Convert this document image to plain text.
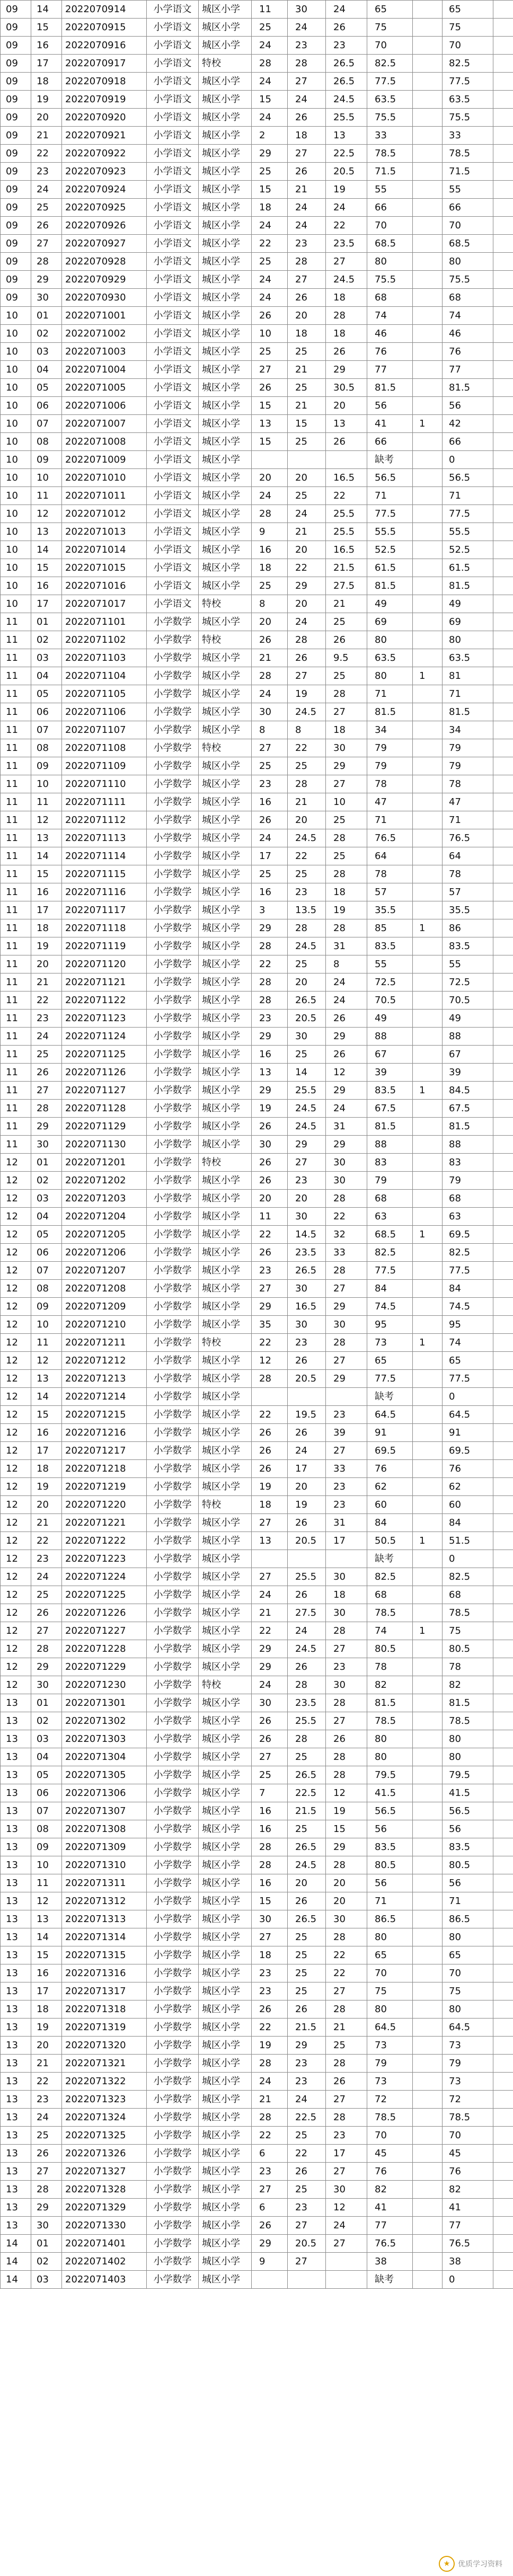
09	14	2022070914	小学语文	城区小学	11	30	24	65		65	
09	15	2022070915	小学语文	城区小学	25	24	26	75		75	
09	16	2022070916	小学语文	城区小学	24	23	23	70		70	
09	17	2022070917	小学语文	特校	28	28	26.5	82.5		82.5	
09	18	2022070918	小学语文	城区小学	24	27	26.5	77.5		77.5	
09	19	2022070919	小学语文	城区小学	15	24	24.5	63.5		63.5	
09	20	2022070920	小学语文	城区小学	24	26	25.5	75.5		75.5	
09	21	2022070921	小学语文	城区小学	2	18	13	33		33	
09	22	2022070922	小学语文	城区小学	29	27	22.5	78.5		78.5	
09	23	2022070923	小学语文	城区小学	25	26	20.5	71.5		71.5	
09	24	2022070924	小学语文	城区小学	15	21	19	55		55	
09	25	2022070925	小学语文	城区小学	18	24	24	66		66	
09	26	2022070926	小学语文	城区小学	24	24	22	70		70	
09	27	2022070927	小学语文	城区小学	22	23	23.5	68.5		68.5	
09	28	2022070928	小学语文	城区小学	25	28	27	80		80	
09	29	2022070929	小学语文	城区小学	24	27	24.5	75.5		75.5	
09	30	2022070930	小学语文	城区小学	24	26	18	68		68	
10	01	2022071001	小学语文	城区小学	26	20	28	74		74	
10	02	2022071002	小学语文	城区小学	10	18	18	46		46	
10	03	2022071003	小学语文	城区小学	25	25	26	76		76	
10	04	2022071004	小学语文	城区小学	27	21	29	77		77	
10	05	2022071005	小学语文	城区小学	26	25	30.5	81.5		81.5	
10	06	2022071006	小学语文	城区小学	15	21	20	56		56	
10	07	2022071007	小学语文	城区小学	13	15	13	41	1	42	
10	08	2022071008	小学语文	城区小学	15	25	26	66		66	
10	09	2022071009	小学语文	城区小学				缺考		0	
10	10	2022071010	小学语文	城区小学	20	20	16.5	56.5		56.5	
10	11	2022071011	小学语文	城区小学	24	25	22	71		71	
10	12	2022071012	小学语文	城区小学	28	24	25.5	77.5		77.5	
10	13	2022071013	小学语文	城区小学	9	21	25.5	55.5		55.5	
10	14	2022071014	小学语文	城区小学	16	20	16.5	52.5		52.5	
10	15	2022071015	小学语文	城区小学	18	22	21.5	61.5		61.5	
10	16	2022071016	小学语文	城区小学	25	29	27.5	81.5		81.5	
10	17	2022071017	小学语文	特校	8	20	21	49		49	
11	01	2022071101	小学数学	城区小学	20	24	25	69		69	
11	02	2022071102	小学数学	特校	26	28	26	80		80	
11	03	2022071103	小学数学	城区小学	21	26	9.5	63.5		63.5	
11	04	2022071104	小学数学	城区小学	28	27	25	80	1	81	
11	05	2022071105	小学数学	城区小学	24	19	28	71		71	
11	06	2022071106	小学数学	城区小学	30	24.5	27	81.5		81.5	
11	07	2022071107	小学数学	城区小学	8	8	18	34		34	
11	08	2022071108	小学数学	特校	27	22	30	79		79	
11	09	2022071109	小学数学	城区小学	25	25	29	79		79	
11	10	2022071110	小学数学	城区小学	23	28	27	78		78	
11	11	2022071111	小学数学	城区小学	16	21	10	47		47	
11	12	2022071112	小学数学	城区小学	26	20	25	71		71	
11	13	2022071113	小学数学	城区小学	24	24.5	28	76.5		76.5	
11	14	2022071114	小学数学	城区小学	17	22	25	64		64	
11	15	2022071115	小学数学	城区小学	25	25	28	78		78	
11	16	2022071116	小学数学	城区小学	16	23	18	57		57	
11	17	2022071117	小学数学	城区小学	3	13.5	19	35.5		35.5	
11	18	2022071118	小学数学	城区小学	29	28	28	85	1	86	
11	19	2022071119	小学数学	城区小学	28	24.5	31	83.5		83.5	
11	20	2022071120	小学数学	城区小学	22	25	8	55		55	
11	21	2022071121	小学数学	城区小学	28	20	24	72.5		72.5	
11	22	2022071122	小学数学	城区小学	28	26.5	24	70.5		70.5	
11	23	2022071123	小学数学	城区小学	23	20.5	26	49		49	
11	24	2022071124	小学数学	城区小学	29	30	29	88		88	
11	25	2022071125	小学数学	城区小学	16	25	26	67		67	
11	26	2022071126	小学数学	城区小学	13	14	12	39		39	
11	27	2022071127	小学数学	城区小学	29	25.5	29	83.5	1	84.5	
11	28	2022071128	小学数学	城区小学	19	24.5	24	67.5		67.5	
11	29	2022071129	小学数学	城区小学	26	24.5	31	81.5		81.5	
11	30	2022071130	小学数学	城区小学	30	29	29	88		88	
12	01	2022071201	小学数学	特校	26	27	30	83		83	
12	02	2022071202	小学数学	城区小学	26	23	30	79		79	
12	03	2022071203	小学数学	城区小学	20	20	28	68		68	
12	04	2022071204	小学数学	城区小学	11	30	22	63		63	
12	05	2022071205	小学数学	城区小学	22	14.5	32	68.5	1	69.5	
12	06	2022071206	小学数学	城区小学	26	23.5	33	82.5		82.5	
12	07	2022071207	小学数学	城区小学	23	26.5	28	77.5		77.5	
12	08	2022071208	小学数学	城区小学	27	30	27	84		84	
12	09	2022071209	小学数学	城区小学	29	16.5	29	74.5		74.5	
12	10	2022071210	小学数学	城区小学	35	30	30	95		95	
12	11	2022071211	小学数学	特校	22	23	28	73	1	74	
12	12	2022071212	小学数学	城区小学	12	26	27	65		65	
12	13	2022071213	小学数学	城区小学	28	20.5	29	77.5		77.5	
12	14	2022071214	小学数学	城区小学				缺考		0	
12	15	2022071215	小学数学	城区小学	22	19.5	23	64.5		64.5	
12	16	2022071216	小学数学	城区小学	26	26	39	91		91	
12	17	2022071217	小学数学	城区小学	26	24	27	69.5		69.5	
12	18	2022071218	小学数学	城区小学	26	17	33	76		76	
12	19	2022071219	小学数学	城区小学	19	20	23	62		62	
12	20	2022071220	小学数学	特校	18	19	23	60		60	
12	21	2022071221	小学数学	城区小学	27	26	31	84		84	
12	22	2022071222	小学数学	城区小学	13	20.5	17	50.5	1	51.5	
12	23	2022071223	小学数学	城区小学				缺考		0	
12	24	2022071224	小学数学	城区小学	27	25.5	30	82.5		82.5	
12	25	2022071225	小学数学	城区小学	24	26	18	68		68	
12	26	2022071226	小学数学	城区小学	21	27.5	30	78.5		78.5	
12	27	2022071227	小学数学	城区小学	22	24	28	74	1	75	
12	28	2022071228	小学数学	城区小学	29	24.5	27	80.5		80.5	
12	29	2022071229	小学数学	城区小学	29	26	23	78		78	
12	30	2022071230	小学数学	特校	24	28	30	82		82	
13	01	2022071301	小学数学	城区小学	30	23.5	28	81.5		81.5	
13	02	2022071302	小学数学	城区小学	26	25.5	27	78.5		78.5	
13	03	2022071303	小学数学	城区小学	26	28	26	80		80	
13	04	2022071304	小学数学	城区小学	27	25	28	80		80	
13	05	2022071305	小学数学	城区小学	25	26.5	28	79.5		79.5	
13	06	2022071306	小学数学	城区小学	7	22.5	12	41.5		41.5	
13	07	2022071307	小学数学	城区小学	16	21.5	19	56.5		56.5	
13	08	2022071308	小学数学	城区小学	16	25	15	56		56	
13	09	2022071309	小学数学	城区小学	28	26.5	29	83.5		83.5	
13	10	2022071310	小学数学	城区小学	28	24.5	28	80.5		80.5	
13	11	2022071311	小学数学	城区小学	16	20	20	56		56	
13	12	2022071312	小学数学	城区小学	15	26	20	71		71	
13	13	2022071313	小学数学	城区小学	30	26.5	30	86.5		86.5	
13	14	2022071314	小学数学	城区小学	27	25	28	80		80	
13	15	2022071315	小学数学	城区小学	18	25	22	65		65	
13	16	2022071316	小学数学	城区小学	23	25	22	70		70	
13	17	2022071317	小学数学	城区小学	23	25	27	75		75	
13	18	2022071318	小学数学	城区小学	26	26	28	80		80	
13	19	2022071319	小学数学	城区小学	22	21.5	21	64.5		64.5	
13	20	2022071320	小学数学	城区小学	19	29	25	73		73	
13	21	2022071321	小学数学	城区小学	28	23	28	79		79	
13	22	2022071322	小学数学	城区小学	24	23	26	73		73	
13	23	2022071323	小学数学	城区小学	21	24	27	72		72	
13	24	2022071324	小学数学	城区小学	28	22.5	28	78.5		78.5	
13	25	2022071325	小学数学	城区小学	22	25	23	70		70	
13	26	2022071326	小学数学	城区小学	6	22	17	45		45	
13	27	2022071327	小学数学	城区小学	23	26	27	76		76	
13	28	2022071328	小学数学	城区小学	27	25	30	82		82	
13	29	2022071329	小学数学	城区小学	6	23	12	41		41	
13	30	2022071330	小学数学	城区小学	26	27	24	77		77	
14	01	2022071401	小学数学	城区小学	29	20.5	27	76.5		76.5	
14	02	2022071402	小学数学	城区小学	9	27		38		38	
14	03	2022071403	小学数学	城区小学				缺考		0	
★	优质学习资料
